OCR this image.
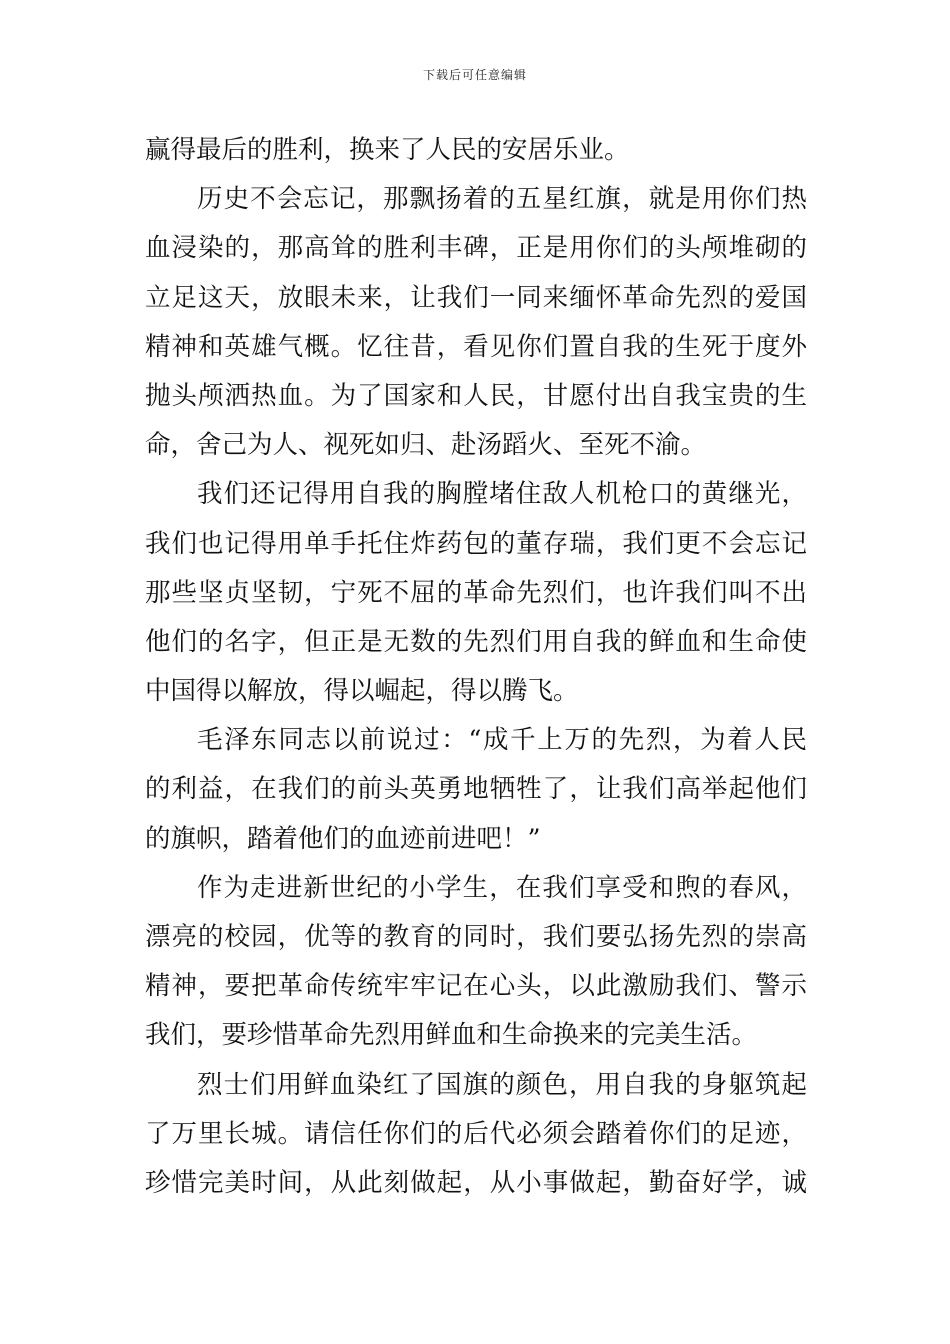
下载后可任意编辑
赢得最后的胜利，换来了人民的安居乐业。
历史不会忘记，那飘扬着的五星红旗，就是用你们热
血浸染的，那高耸的胜利丰碑，正是用你们的头颅堆砌的
立足这天，放眼未来，让我们一同来缅怀革命先烈的爱国
精神和英雄气概。忆往昔，看见你们置自我的生死于度外
抛头颅洒热血。为了国家和人民，甘愿付出自我宝贵的生
命，舍己为人、视死如归、赴汤蹈火、至死不渝。
我们还记得用自我的胸膛堵住敌人机枪口的黄继光，
我们也记得用单手托住炸药包的董存瑞，我们更不会忘记
那些坚贞坚韧，宁死不屈的革命先烈们，也许我们叫不出
他们的名字，但正是无数的先烈们用自我的鲜血和生命使
中国得以解放，得以崛起，得以腾飞。
毛泽东同志以前说过：“成千上万的先烈，为着人民
的利益，在我们的前头英勇地牺牲了，让我们高举起他们
的旗帜，踏着他们的血迹前进吧！”
作为走进新世纪的小学生，在我们享受和煦的春风，
漂亮的校园，优等的教育的同时，我们要弘扬先烈的崇高
精神，要把革命传统牢牢记在心头，以此激励我们、警示
我们，要珍惜革命先烈用鲜血和生命换来的完美生活。
烈士们用鲜血染红了国旗的颜色，用自我的身躯筑起
了万里长城。请信任你们的后代必须会踏着你们的足迹，
珍惜完美时间，从此刻做起，从小事做起，勤奋好学，诚
